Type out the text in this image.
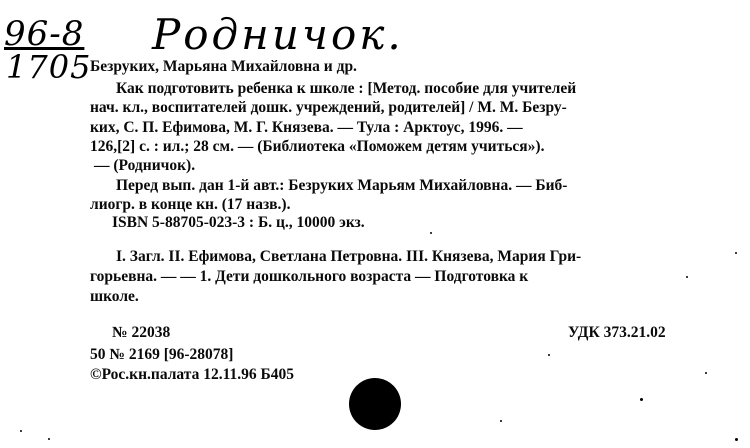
96-8
1705
Родничок.
Безруких, Марьяна Михайловна и др.
Как подготовить ребенка к школе : [Метод. пособие для учителей
нач. кл., воспитателей дошк. учреждений, родителей] / М. М. Безру-
ких, С. П. Ефимова, М. Г. Князева. — Тула : Арктоус, 1996. —
126,[2] с. : ил.; 28 см. — (Библиотека «Поможем детям учиться»).
— (Родничок).
Перед вып. дан 1-й авт.: Безруких Марьям Михайловна. — Биб-
лиогр. в конце кн. (17 назв.).
ISBN 5-88705-023-3 : Б. ц., 10000 экз.
I. Загл. II. Ефимова, Светлана Петровна. III. Князева, Мария Гри-
горьевна. — — 1. Дети дошкольного возраста — Подготовка к
школе.
№ 22038	УДК 373.21.02
50 № 2169 [96-28078]
©Рос.кн.палата 12.11.96 Б405
